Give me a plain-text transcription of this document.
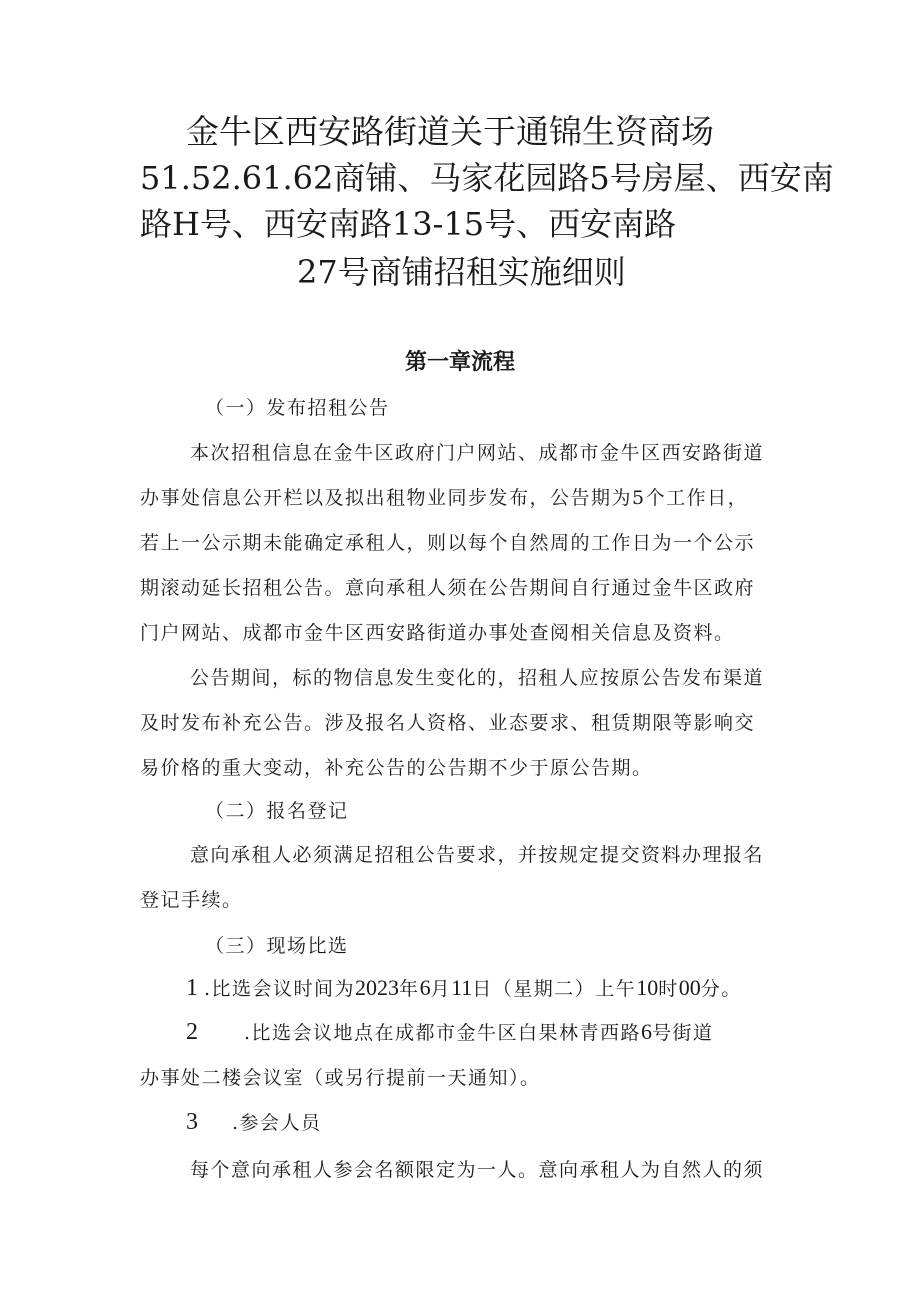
金牛区西安路街道关于通锦生资商场
51.52.61.62商铺、马家花园路5号房屋、西安南
路H号、西安南路13-15号、西安南路
27号商铺招租实施细则
第一章流程
（一）发布招租公告
本次招租信息在金牛区政府门户网站、成都市金牛区西安路街道
办事处信息公开栏以及拟出租物业同步发布，公告期为5个工作日，
若上一公示期未能确定承租人，则以每个自然周的工作日为一个公示
期滚动延长招租公告。意向承租人须在公告期间自行通过金牛区政府
门户网站、成都市金牛区西安路街道办事处查阅相关信息及资料。
公告期间，标的物信息发生变化的，招租人应按原公告发布渠道
及时发布补充公告。涉及报名人资格、业态要求、租赁期限等影响交
易价格的重大变动，补充公告的公告期不少于原公告期。
（二）报名登记
意向承租人必须满足招租公告要求，并按规定提交资料办理报名
登记手续。
（三）现场比选
1 .比选会议时间为2023年6月11日（星期二）上午10时00分。
2 .比选会议地点在成都市金牛区白果林青西路6号街道
办事处二楼会议室（或另行提前一天通知）。
3 .参会人员
每个意向承租人参会名额限定为一人。意向承租人为自然人的须
